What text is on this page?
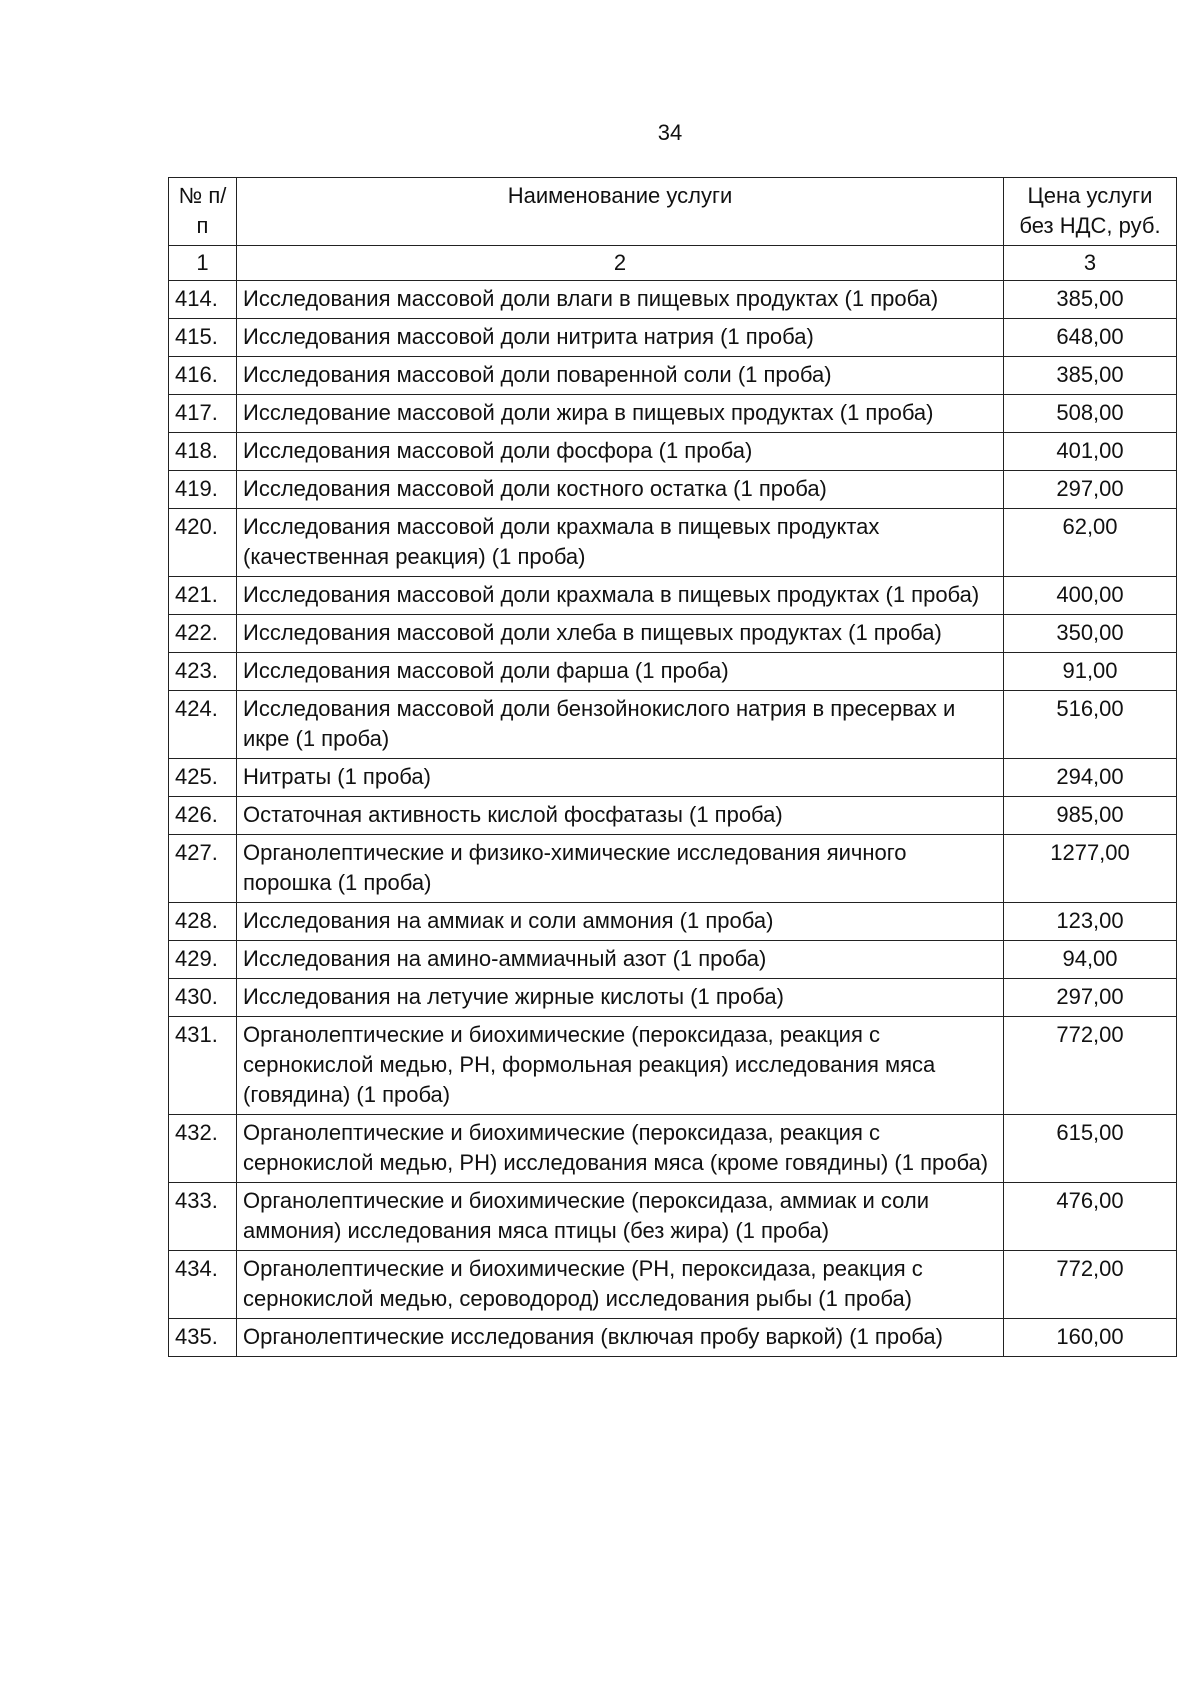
34
№ п/п	Наименование услуги	Цена услуги без НДС, руб.
1	2	3
414.	Исследования массовой доли влаги в пищевых продуктах (1 проба)	385,00
415.	Исследования массовой доли нитрита натрия (1 проба)	648,00
416.	Исследования массовой доли поваренной соли (1 проба)	385,00
417.	Исследование массовой доли жира в пищевых продуктах (1 проба)	508,00
418.	Исследования массовой доли фосфора (1 проба)	401,00
419.	Исследования массовой доли костного остатка (1 проба)	297,00
420.	Исследования массовой доли крахмала в пищевых продуктах (качественная реакция) (1 проба)	62,00
421.	Исследования массовой доли крахмала в пищевых продуктах (1 проба)	400,00
422.	Исследования массовой доли хлеба в пищевых продуктах (1 проба)	350,00
423.	Исследования массовой доли фарша (1 проба)	91,00
424.	Исследования массовой доли бензойнокислого натрия в пресервах и икре (1 проба)	516,00
425.	Нитраты (1 проба)	294,00
426.	Остаточная активность кислой фосфатазы (1 проба)	985,00
427.	Органолептические и физико-химические исследования яичного порошка (1 проба)	1277,00
428.	Исследования на аммиак и соли аммония (1 проба)	123,00
429.	Исследования на амино-аммиачный азот (1 проба)	94,00
430.	Исследования на летучие жирные кислоты (1 проба)	297,00
431.	Органолептические и биохимические (пероксидаза, реакция с сернокислой медью, РН, формольная реакция) исследования мяса (говядина) (1 проба)	772,00
432.	Органолептические и биохимические (пероксидаза, реакция с сернокислой медью, РН) исследования мяса (кроме говядины) (1 проба)	615,00
433.	Органолептические и биохимические (пероксидаза, аммиак и соли аммония) исследования мяса птицы (без жира) (1 проба)	476,00
434.	Органолептические и биохимические (РН, пероксидаза, реакция с сернокислой медью, сероводород) исследования рыбы (1 проба)	772,00
435.	Органолептические исследования (включая пробу варкой) (1 проба)	160,00
